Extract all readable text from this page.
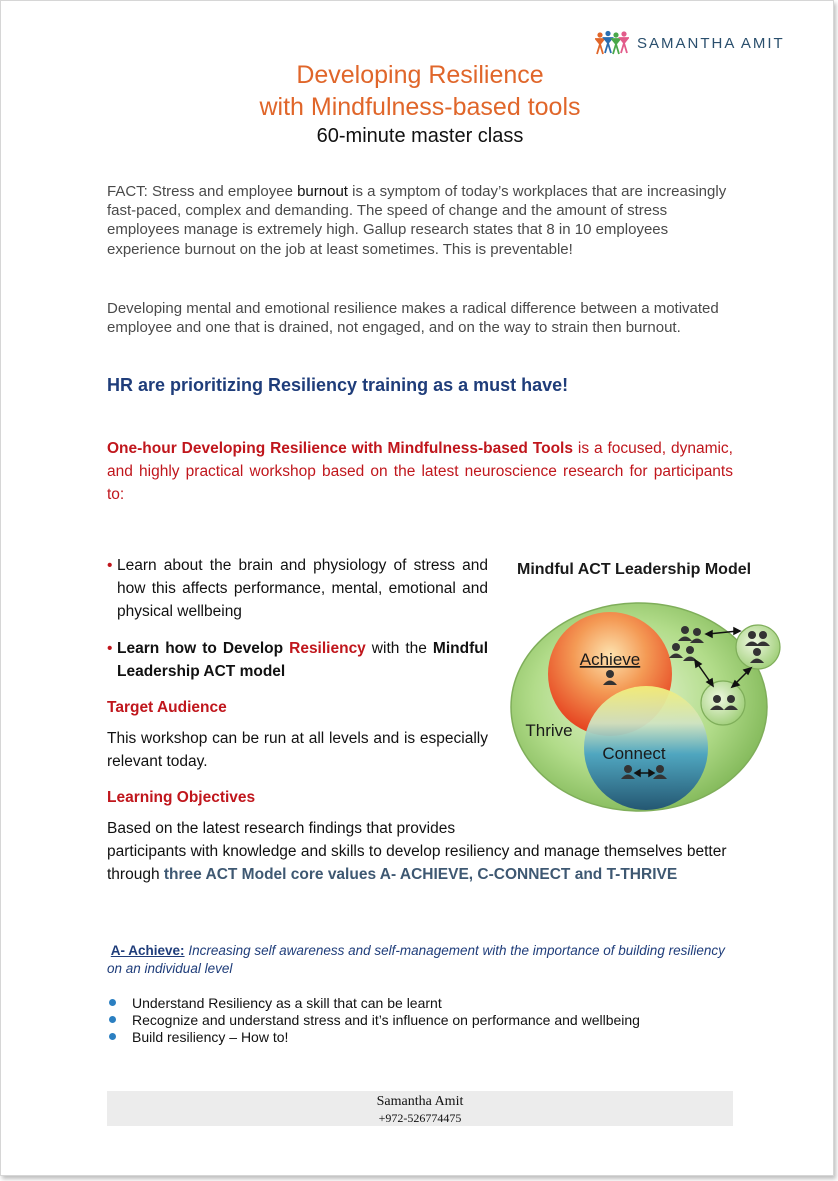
SAMANTHA AMIT
Developing Resilience
with Mindfulness-based tools
60-minute master class

FACT: Stress and employee burnout is a symptom of today’s workplaces that are increasingly fast-paced, complex and demanding. The speed of change and the amount of stress employees manage is extremely high. Gallup research states that 8 in 10 employees experience burnout on the job at least sometimes. This is preventable!

Developing mental and emotional resilience makes a radical difference between a motivated employee and one that is drained, not engaged, and on the way to strain then burnout.

HR are prioritizing Resiliency training as a must have!

One-hour Developing Resilience with Mindfulness-based Tools is a focused, dynamic, and highly practical workshop based on the latest neuroscience research for participants to:

• Learn about the brain and physiology of stress and how this affects performance, mental, emotional and physical wellbeing
• Learn how to Develop Resiliency with the Mindful Leadership ACT model
Target Audience

This workshop can be run at all levels and is especially relevant today.

Learning Objectives

Based on the latest research findings that provides

participants with knowledge and skills to develop resiliency and manage themselves better through three ACT Model core values A- ACHIEVE, C-CONNECT and T-THRIVE

A- Achieve: Increasing self awareness and self-management with the importance of building resiliency on an individual level

Understand Resiliency as a skill that can be learnt
Recognize and understand stress and it’s influence on performance and wellbeing
Build resiliency – How to!
Mindful ACT Leadership Model
Achieve
Connect
Thrive
Samantha Amit
+972-526774475
